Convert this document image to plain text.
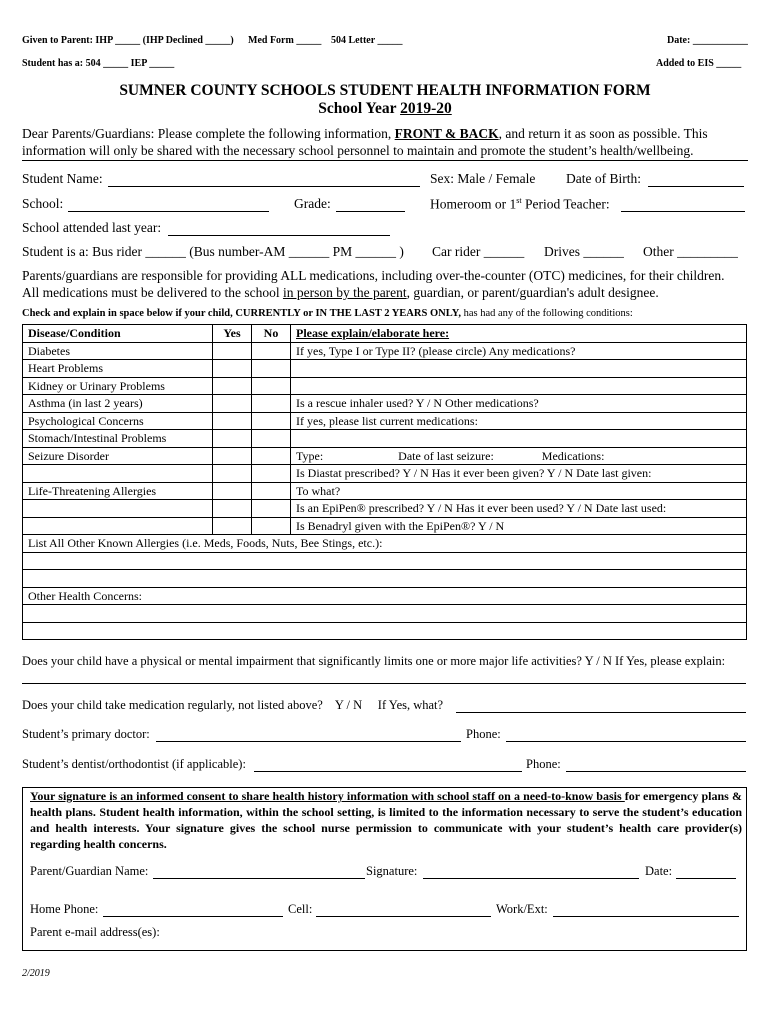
Given to Parent: IHP _____ (IHP Declined _____) Med Form _____ 504 Letter _____	Date: ___________
Student has a: 504 _____ IEP _____	Added to EIS _____
SUMNER COUNTY SCHOOLS STUDENT HEALTH INFORMATION FORM
School Year 2019-20
Dear Parents/Guardians: Please complete the following information, FRONT & BACK, and return it as soon as possible. This
information will only be shared with the necessary school personnel to maintain and promote the student’s health/wellbeing.
Student Name:	Sex: Male / Female Date of Birth:
School:	Grade:	Homeroom or 1st Period Teacher:
School attended last year:
Student is a: Bus rider ______ (Bus number-AM ______ PM ______ ) Car rider ______ Drives ______ Other _________
Parents/guardians are responsible for providing ALL medications, including over-the-counter (OTC) medicines, for their children.
All medications must be delivered to the school in person by the parent, guardian, or parent/guardian's adult designee.
Check and explain in space below if your child, CURRENTLY or IN THE LAST 2 YEARS ONLY, has had any of the following conditions:
Disease/Condition	Yes	No	Please explain/elaborate here:
Diabetes			If yes, Type I or Type II? (please circle) Any medications?
Heart Problems			
Kidney or Urinary Problems			
Asthma (in last 2 years)			Is a rescue inhaler used? Y / N Other medications?
Psychological Concerns			If yes, please list current medications:
Stomach/Intestinal Problems			
Seizure Disorder			Type:                         Date of last seizure:                Medications:
			Is Diastat prescribed? Y / N Has it ever been given? Y / N Date last given:
Life-Threatening Allergies			To what?
			Is an EpiPen® prescribed? Y / N Has it ever been used? Y / N Date last used:
			Is Benadryl given with the EpiPen®? Y / N
List All Other Known Allergies (i.e. Meds, Foods, Nuts, Bee Stings, etc.):			

Other Health Concerns:			

Does your child have a physical or mental impairment that significantly limits one or more major life activities? Y / N If Yes, please explain:
Does your child take medication regularly, not listed above?    Y / N     If Yes, what?
Student’s primary doctor:	Phone:
Student’s dentist/orthodontist (if applicable):	Phone:
Your signature is an informed consent to share health history information with school staff on a need-to-know basis for emergency plans & health plans. Student health information, within the school setting, is limited to the information necessary to serve the student’s education and health interests. Your signature gives the school nurse permission to communicate with your student’s health care provider(s) regarding health concerns.
Parent/Guardian Name:	Signature:	Date:
Home Phone:	Cell:	Work/Ext:
Parent e-mail address(es):
2/2019
